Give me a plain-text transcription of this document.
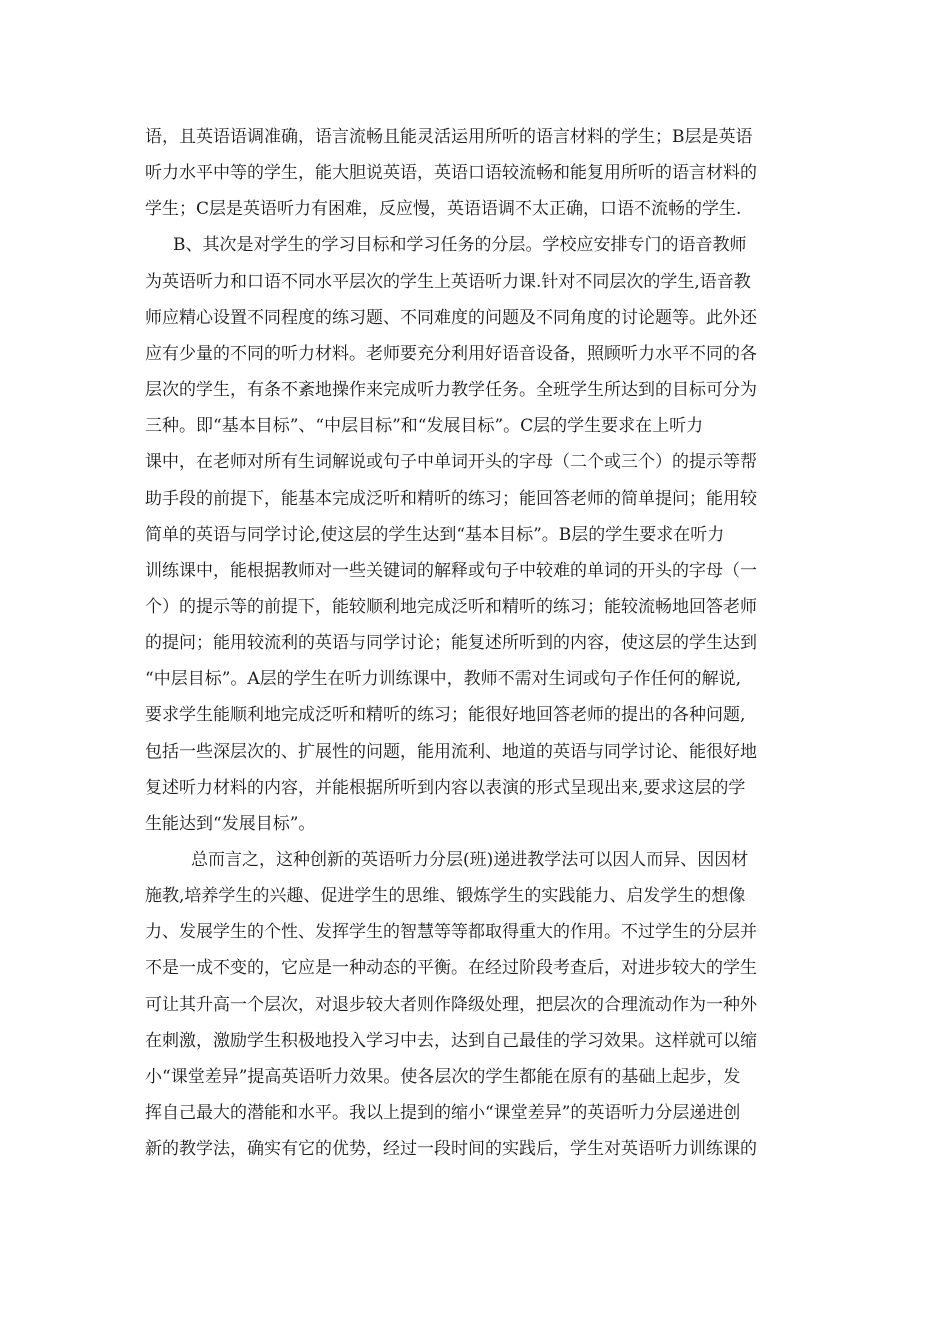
语，且英语语调准确，语言流畅且能灵活运用所听的语言材料的学生；B层是英语
听力水平中等的学生，能大胆说英语，英语口语较流畅和能复用所听的语言材料的
学生；C层是英语听力有困难，反应慢，英语语调不太正确，口语不流畅的学生.
B、其次是对学生的学习目标和学习任务的分层。学校应安排专门的语音教师
为英语听力和口语不同水平层次的学生上英语听力课.针对不同层次的学生,语音教
师应精心设置不同程度的练习题、不同难度的问题及不同角度的讨论题等。此外还
应有少量的不同的听力材料。老师要充分利用好语音设备，照顾听力水平不同的各
层次的学生，有条不紊地操作来完成听力教学任务。全班学生所达到的目标可分为
三种。即“基本目标”、“中层目标”和“发展目标”。C层的学生要求在上听力
课中，在老师对所有生词解说或句子中单词开头的字母（二个或三个）的提示等帮
助手段的前提下，能基本完成泛听和精听的练习；能回答老师的简单提问；能用较
简单的英语与同学讨论,使这层的学生达到“基本目标”。B层的学生要求在听力
训练课中，能根据教师对一些关键词的解释或句子中较难的单词的开头的字母（一
个）的提示等的前提下，能较顺利地完成泛听和精听的练习；能较流畅地回答老师
的提问；能用较流利的英语与同学讨论；能复述所听到的内容，使这层的学生达到
“中层目标”。A层的学生在听力训练课中，教师不需对生词或句子作任何的解说,
要求学生能顺利地完成泛听和精听的练习；能很好地回答老师的提出的各种问题,
包括一些深层次的、扩展性的问题，能用流利、地道的英语与同学讨论、能很好地
复述听力材料的内容，并能根据所听到内容以表演的形式呈现出来,要求这层的学
生能达到“发展目标”。
总而言之，这种创新的英语听力分层(班)递进教学法可以因人而异、因因材
施教,培养学生的兴趣、促进学生的思维、锻炼学生的实践能力、启发学生的想像
力、发展学生的个性、发挥学生的智慧等等都取得重大的作用。不过学生的分层并
不是一成不变的，它应是一种动态的平衡。在经过阶段考查后，对进步较大的学生
可让其升高一个层次，对退步较大者则作降级处理，把层次的合理流动作为一种外
在刺激，激励学生积极地投入学习中去，达到自己最佳的学习效果。这样就可以缩
小“课堂差异”提高英语听力效果。使各层次的学生都能在原有的基础上起步，发
挥自己最大的潜能和水平。我以上提到的缩小“课堂差异”的英语听力分层递进创
新的教学法，确实有它的优势，经过一段时间的实践后，学生对英语听力训练课的
